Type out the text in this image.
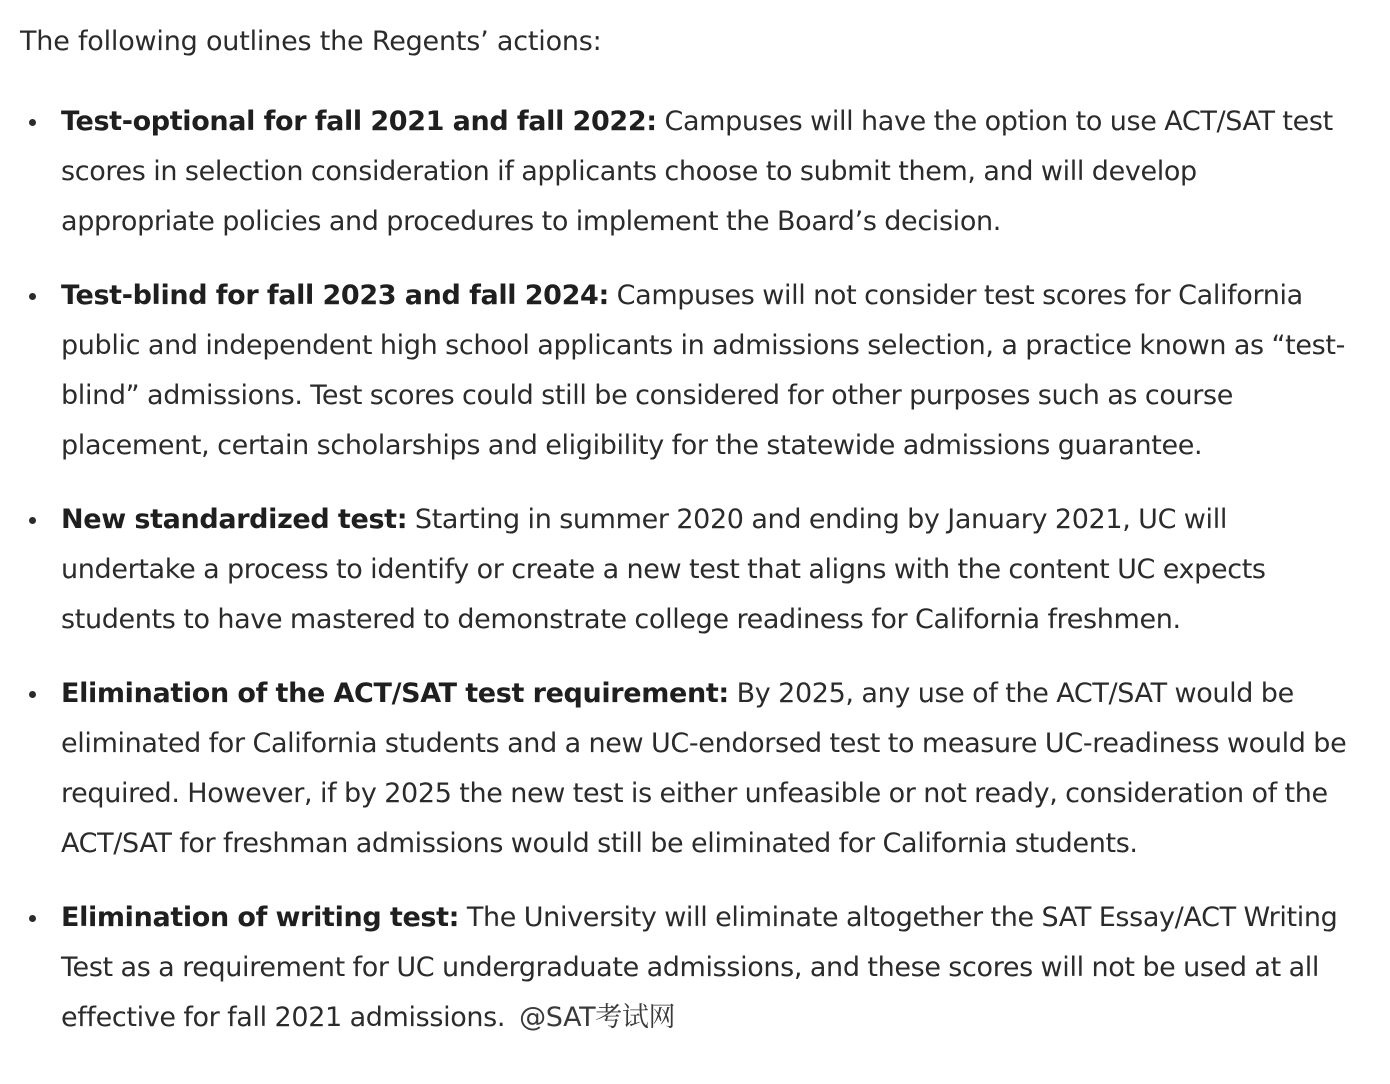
The following outlines the Regents’ actions:

Test-optional for fall 2021 and fall 2022: Campuses will have the option to use ACT/SAT test scores in selection consideration if applicants choose to submit them, and will develop appropriate policies and procedures to implement the Board’s decision.
Test-blind for fall 2023 and fall 2024: Campuses will not consider test scores for California public and independent high school applicants in admissions selection, a practice known as “test-blind” admissions. Test scores could still be considered for other purposes such as course placement, certain scholarships and eligibility for the statewide admissions guarantee.
New standardized test: Starting in summer 2020 and ending by January 2021, UC will undertake a process to identify or create a new test that aligns with the content UC expects students to have mastered to demonstrate college readiness for California freshmen.
Elimination of the ACT/SAT test requirement: By 2025, any use of the ACT/SAT would be eliminated for California students and a new UC-endorsed test to measure UC-readiness would be required. However, if by 2025 the new test is either unfeasible or not ready, consideration of the ACT/SAT for freshman admissions would still be eliminated for California students.
Elimination of writing test: The University will eliminate altogether the SAT Essay/ACT Writing Test as a requirement for UC undergraduate admissions, and these scores will not be used at all effective for fall 2021 admissions. @SAT考试网
